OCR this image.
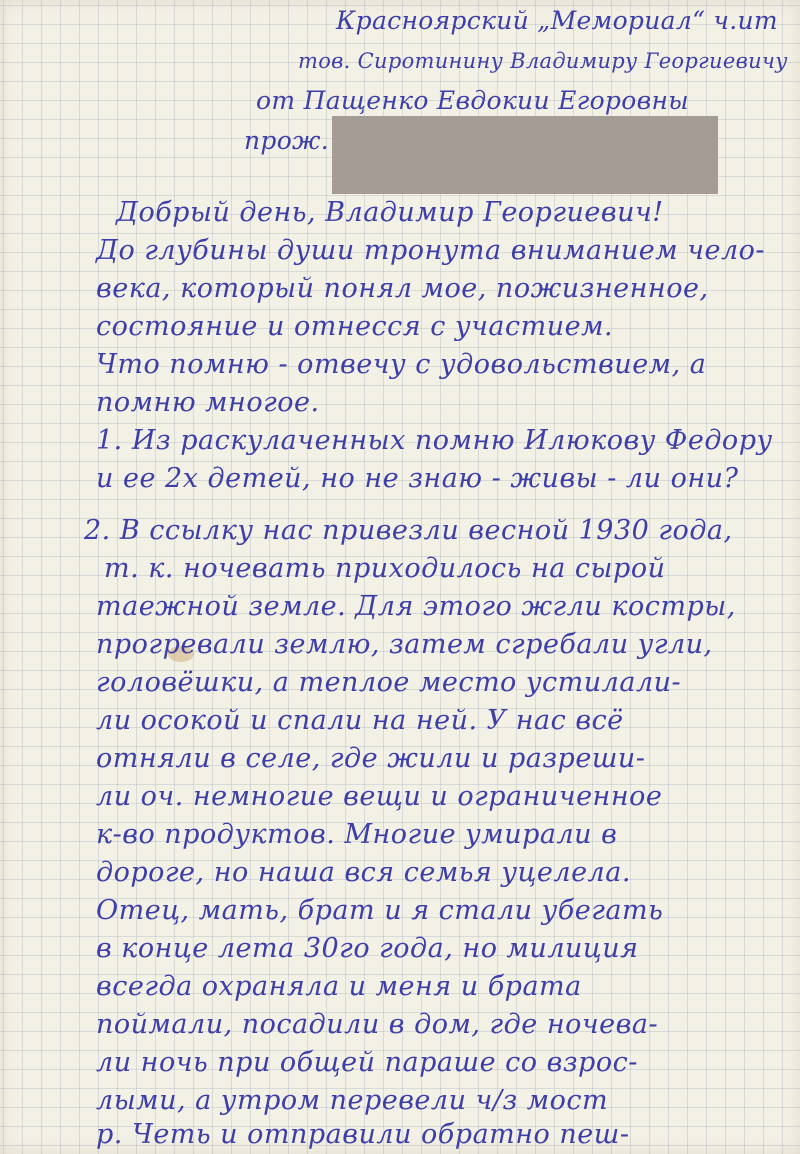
Красноярский „Мемориал“ ч.ит

тов. Сиротинину Владимиру Георгиевичу

от Пащенко Евдокии Егоровны

прож.

Добрый день, Владимир Георгиевич!

До глубины души тронута вниманием чело-

века, который понял мое, пожизненное,

состояние и отнесся с участием.

Что помню - отвечу с удовольствием, а

помню многое.

1. Из раскулаченных помню Илюкову Федору

и ее 2х детей, но не знаю - живы - ли они?

2. В ссылку нас привезли весной 1930 года,

т. к. ночевать приходилось на сырой

таежной земле. Для этого жгли костры,

прогревали землю, затем сгребали угли,

головёшки, а теплое место устилали-

ли осокой и спали на ней. У нас всё

отняли в селе, где жили и разреши-

ли оч. немногие вещи и ограниченное

к-во продуктов. Многие умирали в

дороге, но наша вся семья уцелела.

Отец, мать, брат и я стали убегать

в конце лета 30го года, но милиция

всегда охраняла и меня и брата

поймали, посадили в дом, где ночева-

ли ночь при общей параше со взрос-

лыми, а утром перевели ч/з мост

р. Четь и отправили обратно пеш-
